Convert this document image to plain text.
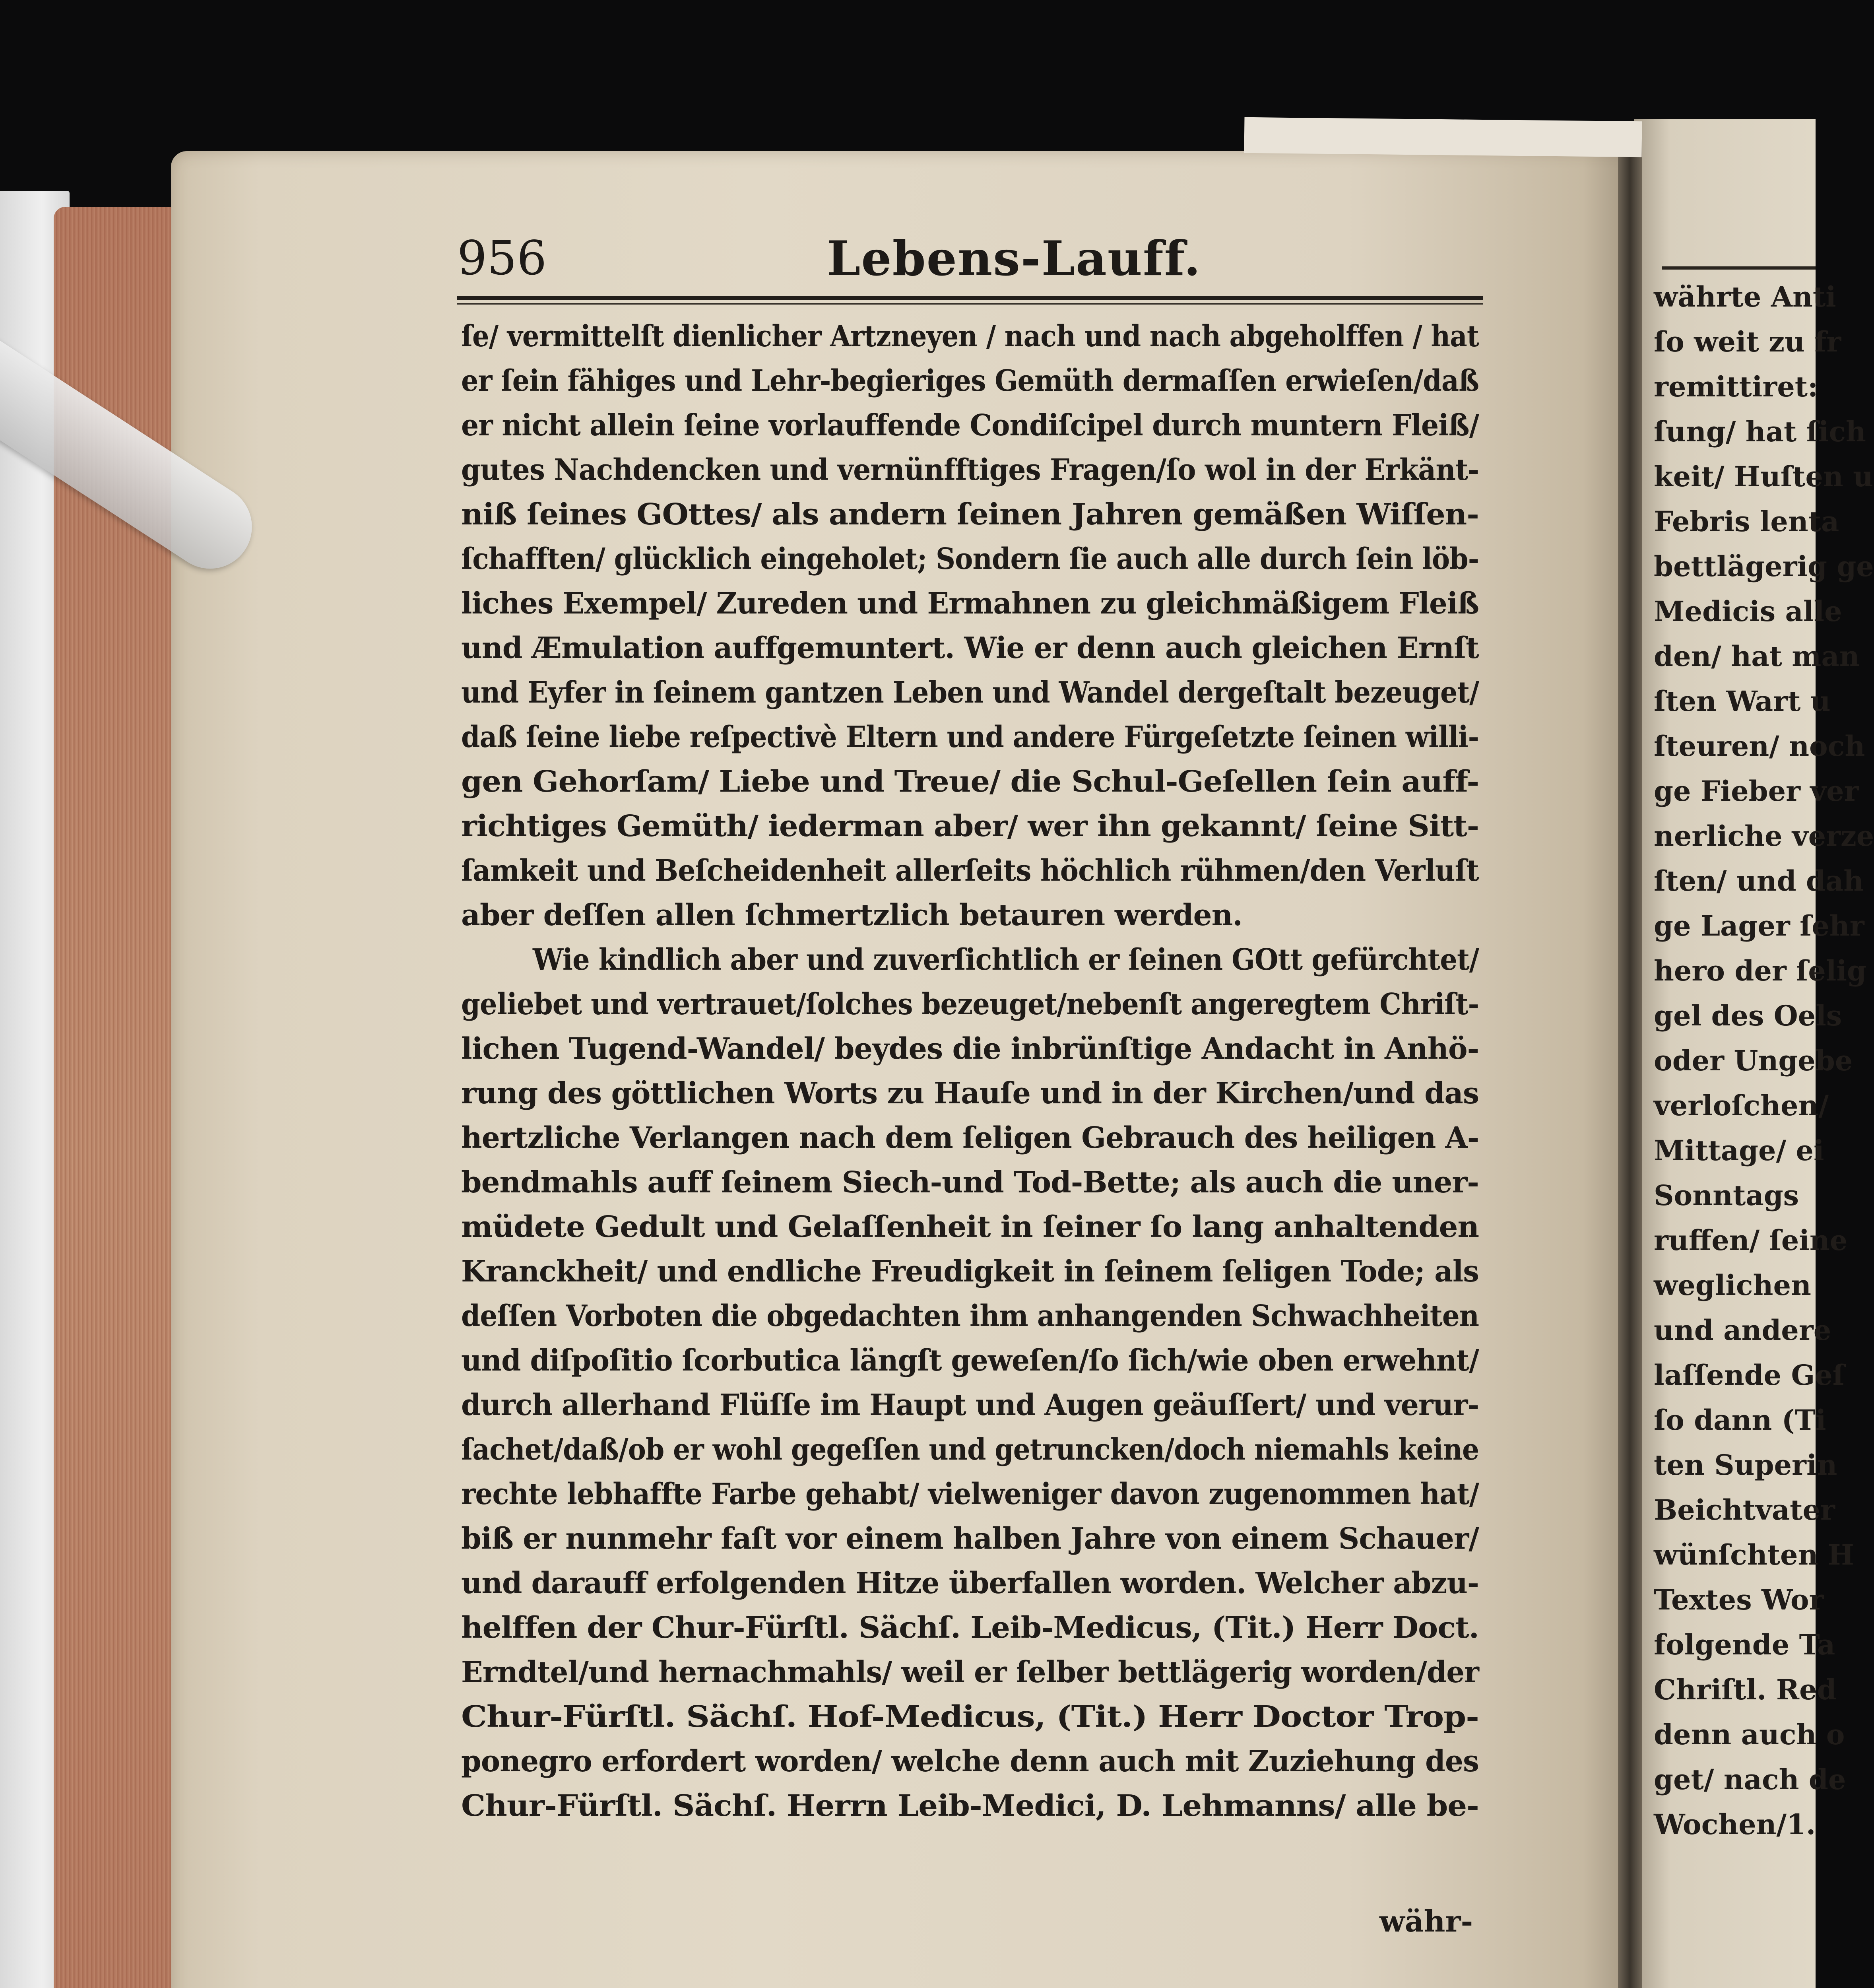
956	Lebens-Lauff.
ſe/ vermittelſt dienlicher Artzneyen / nach und nach abgeholffen / hat
er ſein fähiges und Lehr-begieriges Gemüth dermaſſen erwieſen/daß
er nicht allein ſeine vorlauffende Condiſcipel durch muntern Fleiß/
gutes Nachdencken und vernünfftiges Fragen/ſo wol in der Erkänt-
niß ſeines GOttes/ als andern ſeinen Jahren gemäßen Wiſſen-
ſchafften/ glücklich eingeholet; Sondern ſie auch alle durch ſein löb-
liches Exempel/ Zureden und Ermahnen zu gleichmäßigem Fleiß
und Æmulation auffgemuntert. Wie er denn auch gleichen Ernſt
und Eyfer in ſeinem gantzen Leben und Wandel dergeſtalt bezeuget/
daß ſeine liebe reſpectivè Eltern und andere Fürgeſetzte ſeinen willi-
gen Gehorſam/ Liebe und Treue/ die Schul-Geſellen ſein auff-
richtiges Gemüth/ iederman aber/ wer ihn gekannt/ ſeine Sitt-
ſamkeit und Beſcheidenheit allerſeits höchlich rühmen/den Verluſt
aber deſſen allen ſchmertzlich betauren werden.
Wie kindlich aber und zuverſichtlich er ſeinen GOtt gefürchtet/
geliebet und vertrauet/ſolches bezeuget/nebenſt angeregtem Chriſt-
lichen Tugend-Wandel/ beydes die inbrünſtige Andacht in Anhö-
rung des göttlichen Worts zu Hauſe und in der Kirchen/und das
hertzliche Verlangen nach dem ſeligen Gebrauch des heiligen A-
bendmahls auff ſeinem Siech-und Tod-Bette; als auch die uner-
müdete Gedult und Gelaſſenheit in ſeiner ſo lang anhaltenden
Kranckheit/ und endliche Freudigkeit in ſeinem ſeligen Tode; als
deſſen Vorboten die obgedachten ihm anhangenden Schwachheiten
und diſpoſitio ſcorbutica längſt geweſen/ſo ſich/wie oben erwehnt/
durch allerhand Flüſſe im Haupt und Augen geäuſſert/ und verur-
ſachet/daß/ob er wohl gegeſſen und getruncken/doch niemahls keine
rechte lebhaffte Farbe gehabt/ vielweniger davon zugenommen hat/
biß er nunmehr faſt vor einem halben Jahre von einem Schauer/
und darauff erfolgenden Hitze überfallen worden. Welcher abzu-
helffen der Chur-Fürſtl. Sächſ. Leib-Medicus, (Tit.) Herr Doct.
Erndtel/und hernachmahls/ weil er ſelber bettlägerig worden/der
Chur-Fürſtl. Sächſ. Hof-Medicus, (Tit.) Herr Doctor Trop-
ponegro erfordert worden/ welche denn auch mit Zuziehung des
Chur-Fürſtl. Sächſ. Herrn Leib-Medici, D. Lehmanns/ alle be-
währ-
währte Anti
ſo weit zu fr
remittiret:
ſung/ hat ſich
keit/ Huſten u
Febris lenta
bettlägerig ge
Medicis alle
den/ hat man
ſten Wart u
ſteuren/ noch
ge Fieber ver
nerliche verze
ſten/ und dah
ge Lager ſehr
hero der ſelig
gel des Oels
oder Ungebe
verloſchen/
Mittage/ ei
Sonntags
ruffen/ ſeine
weglichen
und andere
laſſende Geſ
ſo dann (Ti
ten Superin
Beichtvater
wünſchten H
Textes Wor
folgende Ta
Chriſtl. Red
denn auch o
get/ nach de
Wochen/1.
